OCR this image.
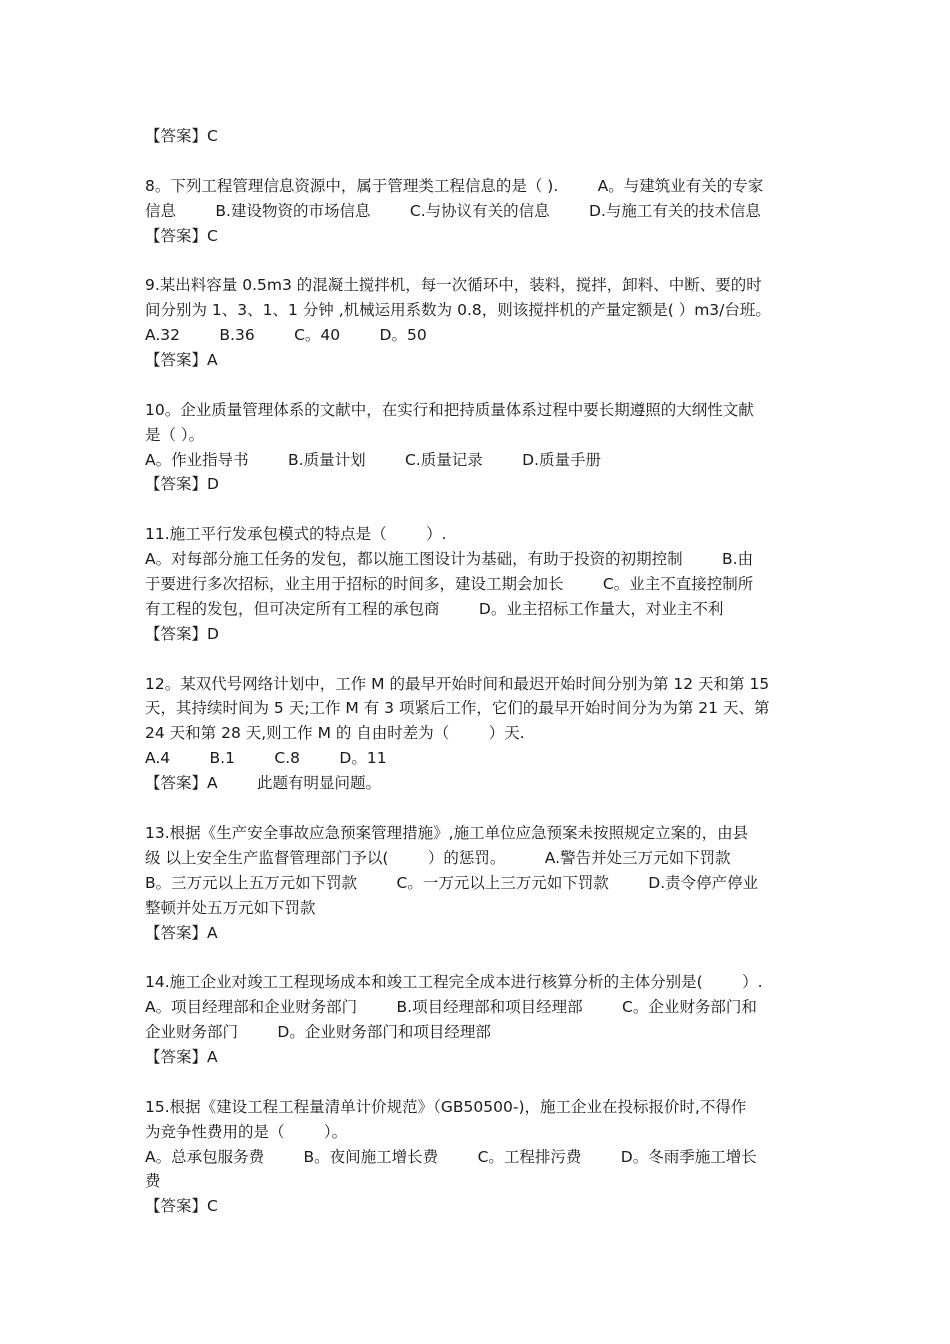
【答案】C
8。下列工程管理信息资源中，属于管理类工程信息的是（ ).        A。与建筑业有关的专家
信息        B.建设物资的市场信息        C.与协议有关的信息        D.与施工有关的技术信息
【答案】C
9.某出料容量 0.5m3 的混凝土搅拌机，每一次循环中，装料，搅拌，卸料、中断、要的时
间分别为 1、3、1、1 分钟 ,机械运用系数为 0.8，则该搅拌机的产量定额是( ）m3/台班。
A.32        B.36        C。40        D。50
【答案】A
10。企业质量管理体系的文献中，在实行和把持质量体系过程中要长期遵照的大纲性文献
是（ ）。
A。作业指导书        B.质量计划        C.质量记录        D.质量手册
【答案】D
11.施工平行发承包模式的特点是（        ）.
A。对每部分施工任务的发包，都以施工图设计为基础，有助于投资的初期控制        B.由
于要进行多次招标，业主用于招标的时间多，建设工期会加长        C。业主不直接控制所
有工程的发包，但可决定所有工程的承包商        D。业主招标工作量大，对业主不利
【答案】D
12。某双代号网络计划中，工作 M 的最早开始时间和最迟开始时间分别为第 12 天和第 15
天，其持续时间为 5 天;工作 M 有 3 项紧后工作，它们的最早开始时间分为为第 21 天、第
24 天和第 28 天,则工作 M 的 自由时差为（        ）天.
A.4        B.1        C.8        D。11
【答案】A        此题有明显问题。
13.根据《生产安全事故应急预案管理措施》,施工单位应急预案未按照规定立案的，由县
级 以上安全生产监督管理部门予以(        ）的惩罚。        A.警告并处三万元如下罚款
B。三万元以上五万元如下罚款        C。一万元以上三万元如下罚款        D.责令停产停业
整顿并处五万元如下罚款
【答案】A
14.施工企业对竣工工程现场成本和竣工工程完全成本进行核算分析的主体分别是(        ）.
A。项目经理部和企业财务部门        B.项目经理部和项目经理部        C。企业财务部门和
企业财务部门        D。企业财务部门和项目经理部
【答案】A
15.根据《建设工程工程量清单计价规范》（GB50500-)，施工企业在投标报价时,不得作
为竞争性费用的是（        ）。
A。总承包服务费        B。夜间施工增长费        C。工程排污费        D。冬雨季施工增长
费
【答案】C
